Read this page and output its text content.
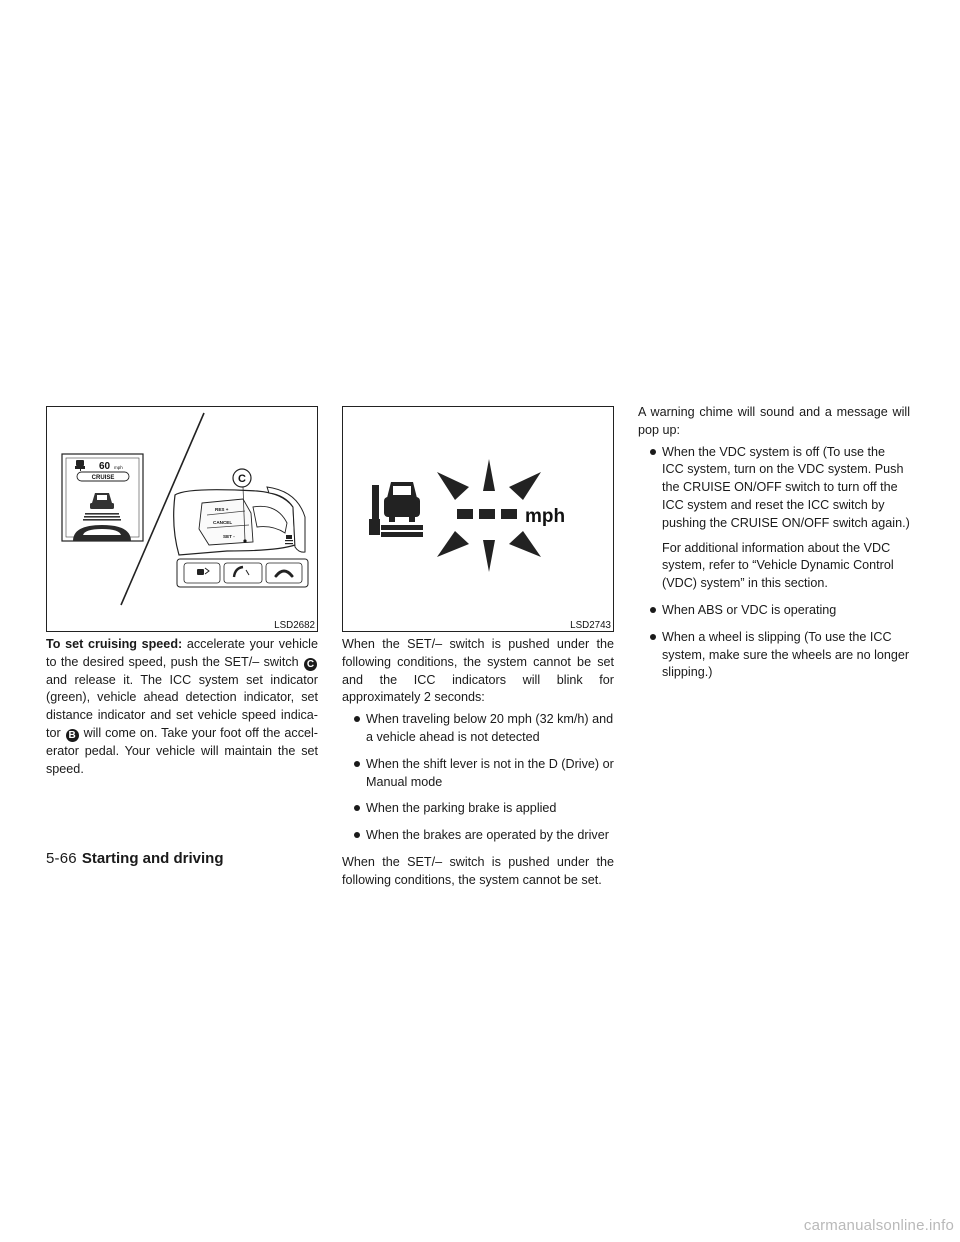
60 mph
CRUISE
RES +
CANCEL
SET -
C
LSD2682

To set cruising speed: accelerate your vehicle to the desired speed, push the SET/– switch C and release it. The ICC system set indicator (green), vehicle ahead detection indicator, set distance indicator and set vehicle speed indica-tor B will come on. Take your foot off the accel-erator pedal. Your vehicle will maintain the set speed.

mph
LSD2743

When the SET/– switch is pushed under the following conditions, the system cannot be set and the ICC indicators will blink for approximately 2 seconds:

When traveling below 20 mph (32 km/h) and a vehicle ahead is not detected
When the shift lever is not in the D (Drive) or Manual mode
When the parking brake is applied
When the brakes are operated by the driver

When the SET/– switch is pushed under the following conditions, the system cannot be set.

A warning chime will sound and a message will pop up:

When the VDC system is off (To use the ICC system, turn on the VDC system. Push the CRUISE ON/OFF switch to turn off the ICC system and reset the ICC switch by pushing the CRUISE ON/OFF switch again.)
For additional information about the VDC system, refer to “Vehicle Dynamic Control (VDC) system” in this section.
When ABS or VDC is operating
When a wheel is slipping (To use the ICC system, make sure the wheels are no longer slipping.)
5-66 Starting and driving
carmanualsonline.info
